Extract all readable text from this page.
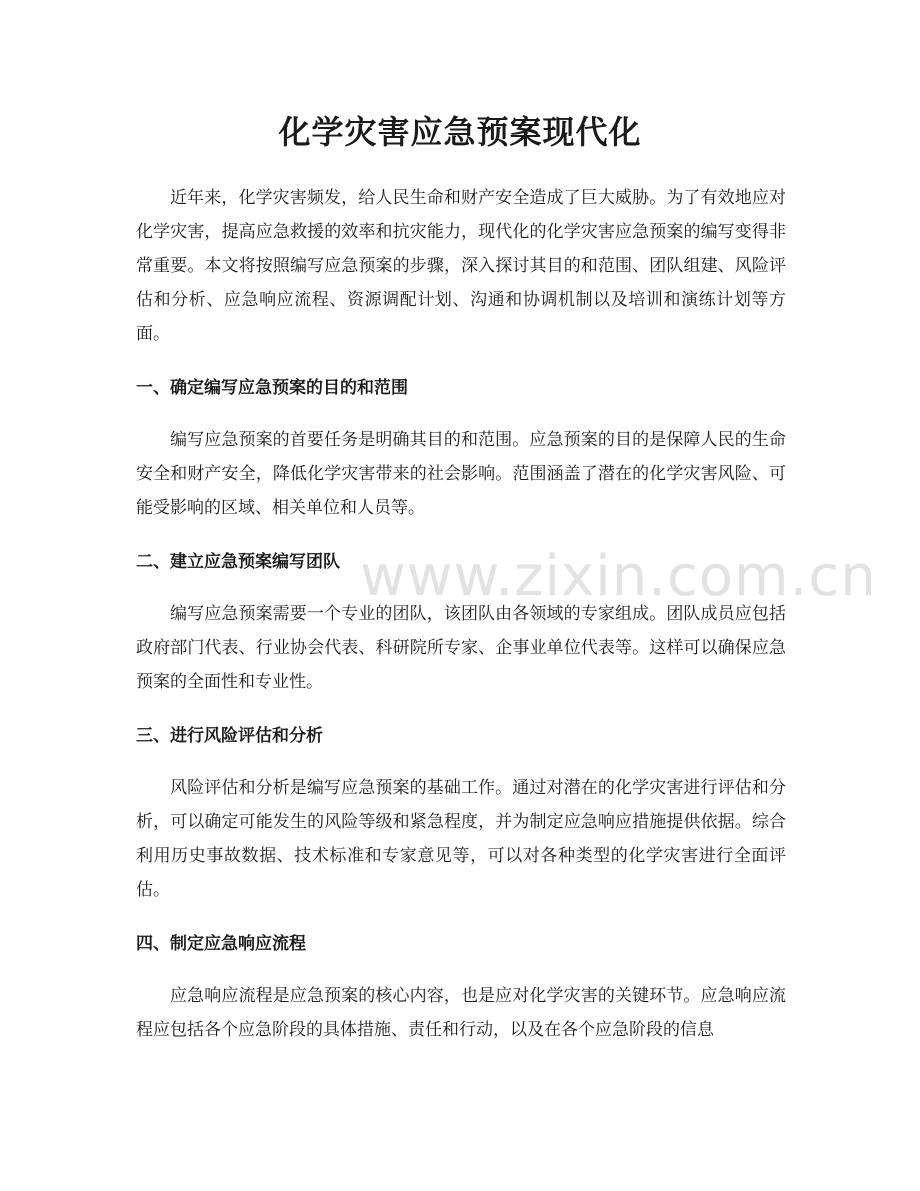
化学灾害应急预案现代化

近年来，化学灾害频发，给人民生命和财产安全造成了巨大威胁。为了有效地应对化学灾害，提高应急救援的效率和抗灾能力，现代化的化学灾害应急预案的编写变得非常重要。本文将按照编写应急预案的步骤，深入探讨其目的和范围、团队组建、风险评估和分析、应急响应流程、资源调配计划、沟通和协调机制以及培训和演练计划等方面。

一、确定编写应急预案的目的和范围

编写应急预案的首要任务是明确其目的和范围。应急预案的目的是保障人民的生命安全和财产安全，降低化学灾害带来的社会影响。范围涵盖了潜在的化学灾害风险、可能受影响的区域、相关单位和人员等。

二、建立应急预案编写团队

编写应急预案需要一个专业的团队，该团队由各领域的专家组成。团队成员应包括政府部门代表、行业协会代表、科研院所专家、企事业单位代表等。这样可以确保应急预案的全面性和专业性。

三、进行风险评估和分析

风险评估和分析是编写应急预案的基础工作。通过对潜在的化学灾害进行评估和分析，可以确定可能发生的风险等级和紧急程度，并为制定应急响应措施提供依据。综合利用历史事故数据、技术标准和专家意见等，可以对各种类型的化学灾害进行全面评估。

四、制定应急响应流程

应急响应流程是应急预案的核心内容，也是应对化学灾害的关键环节。应急响应流程应包括各个应急阶段的具体措施、责任和行动，以及在各个应急阶段的信息

www.zixin.com.cn
